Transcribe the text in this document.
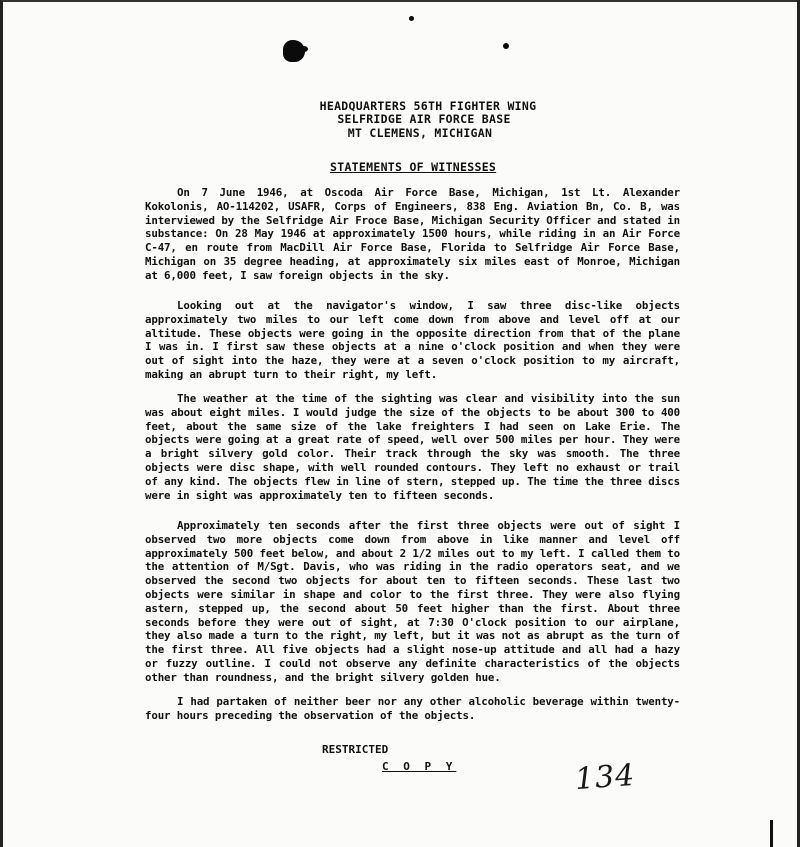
HEADQUARTERS 56TH FIGHTER WING
SELFRIDGE AIR FORCE BASE
MT CLEMENS, MICHIGAN
STATEMENTS OF WITNESSES
On 7 June 1946, at Oscoda Air Force Base, Michigan, 1st Lt. Alexander Kokolonis, AO-114202, USAFR, Corps of Engineers, 838 Eng. Aviation Bn, Co. B, was interviewed by the Selfridge Air Froce Base, Michigan Security Officer and stated in substance: On 28 May 1946 at approximately 1500 hours, while riding in an Air Force C-47, en route from MacDill Air Force Base, Florida to Selfridge Air Force Base, Michigan on 35 degree heading, at approximately six miles east of Monroe, Michigan at 6,000 feet, I saw foreign objects in the sky.
Looking out at the navigator's window, I saw three disc-like objects approximately two miles to our left come down from above and level off at our altitude. These objects were going in the opposite direction from that of the plane I was in. I first saw these objects at a nine o'clock position and when they were out of sight into the haze, they were at a seven o'clock position to my aircraft, making an abrupt turn to their right, my left.
The weather at the time of the sighting was clear and visibility into the sun was about eight miles. I would judge the size of the objects to be about 300 to 400 feet, about the same size of the lake freighters I had seen on Lake Erie. The objects were going at a great rate of speed, well over 500 miles per hour. They were a bright silvery gold color. Their track through the sky was smooth. The three objects were disc shape, with well rounded contours. They left no exhaust or trail of any kind. The objects flew in line of stern, stepped up. The time the three discs were in sight was approximately ten to fifteen seconds.
Approximately ten seconds after the first three objects were out of sight I observed two more objects come down from above in like manner and level off approximately 500 feet below, and about 2 1/2 miles out to my left. I called them to the attention of M/Sgt. Davis, who was riding in the radio operators seat, and we observed the second two objects for about ten to fifteen seconds. These last two objects were similar in shape and color to the first three. They were also flying astern, stepped up, the second about 50 feet higher than the first. About three seconds before they were out of sight, at 7:30 O'clock position to our airplane, they also made a turn to the right, my left, but it was not as abrupt as the turn of the first three. All five objects had a slight nose-up attitude and all had a hazy or fuzzy outline. I could not observe any definite characteristics of the objects other than roundness, and the bright silvery golden hue.
I had partaken of neither beer nor any other alcoholic beverage within twenty-four hours preceding the observation of the objects.
RESTRICTED
C O P Y	134
